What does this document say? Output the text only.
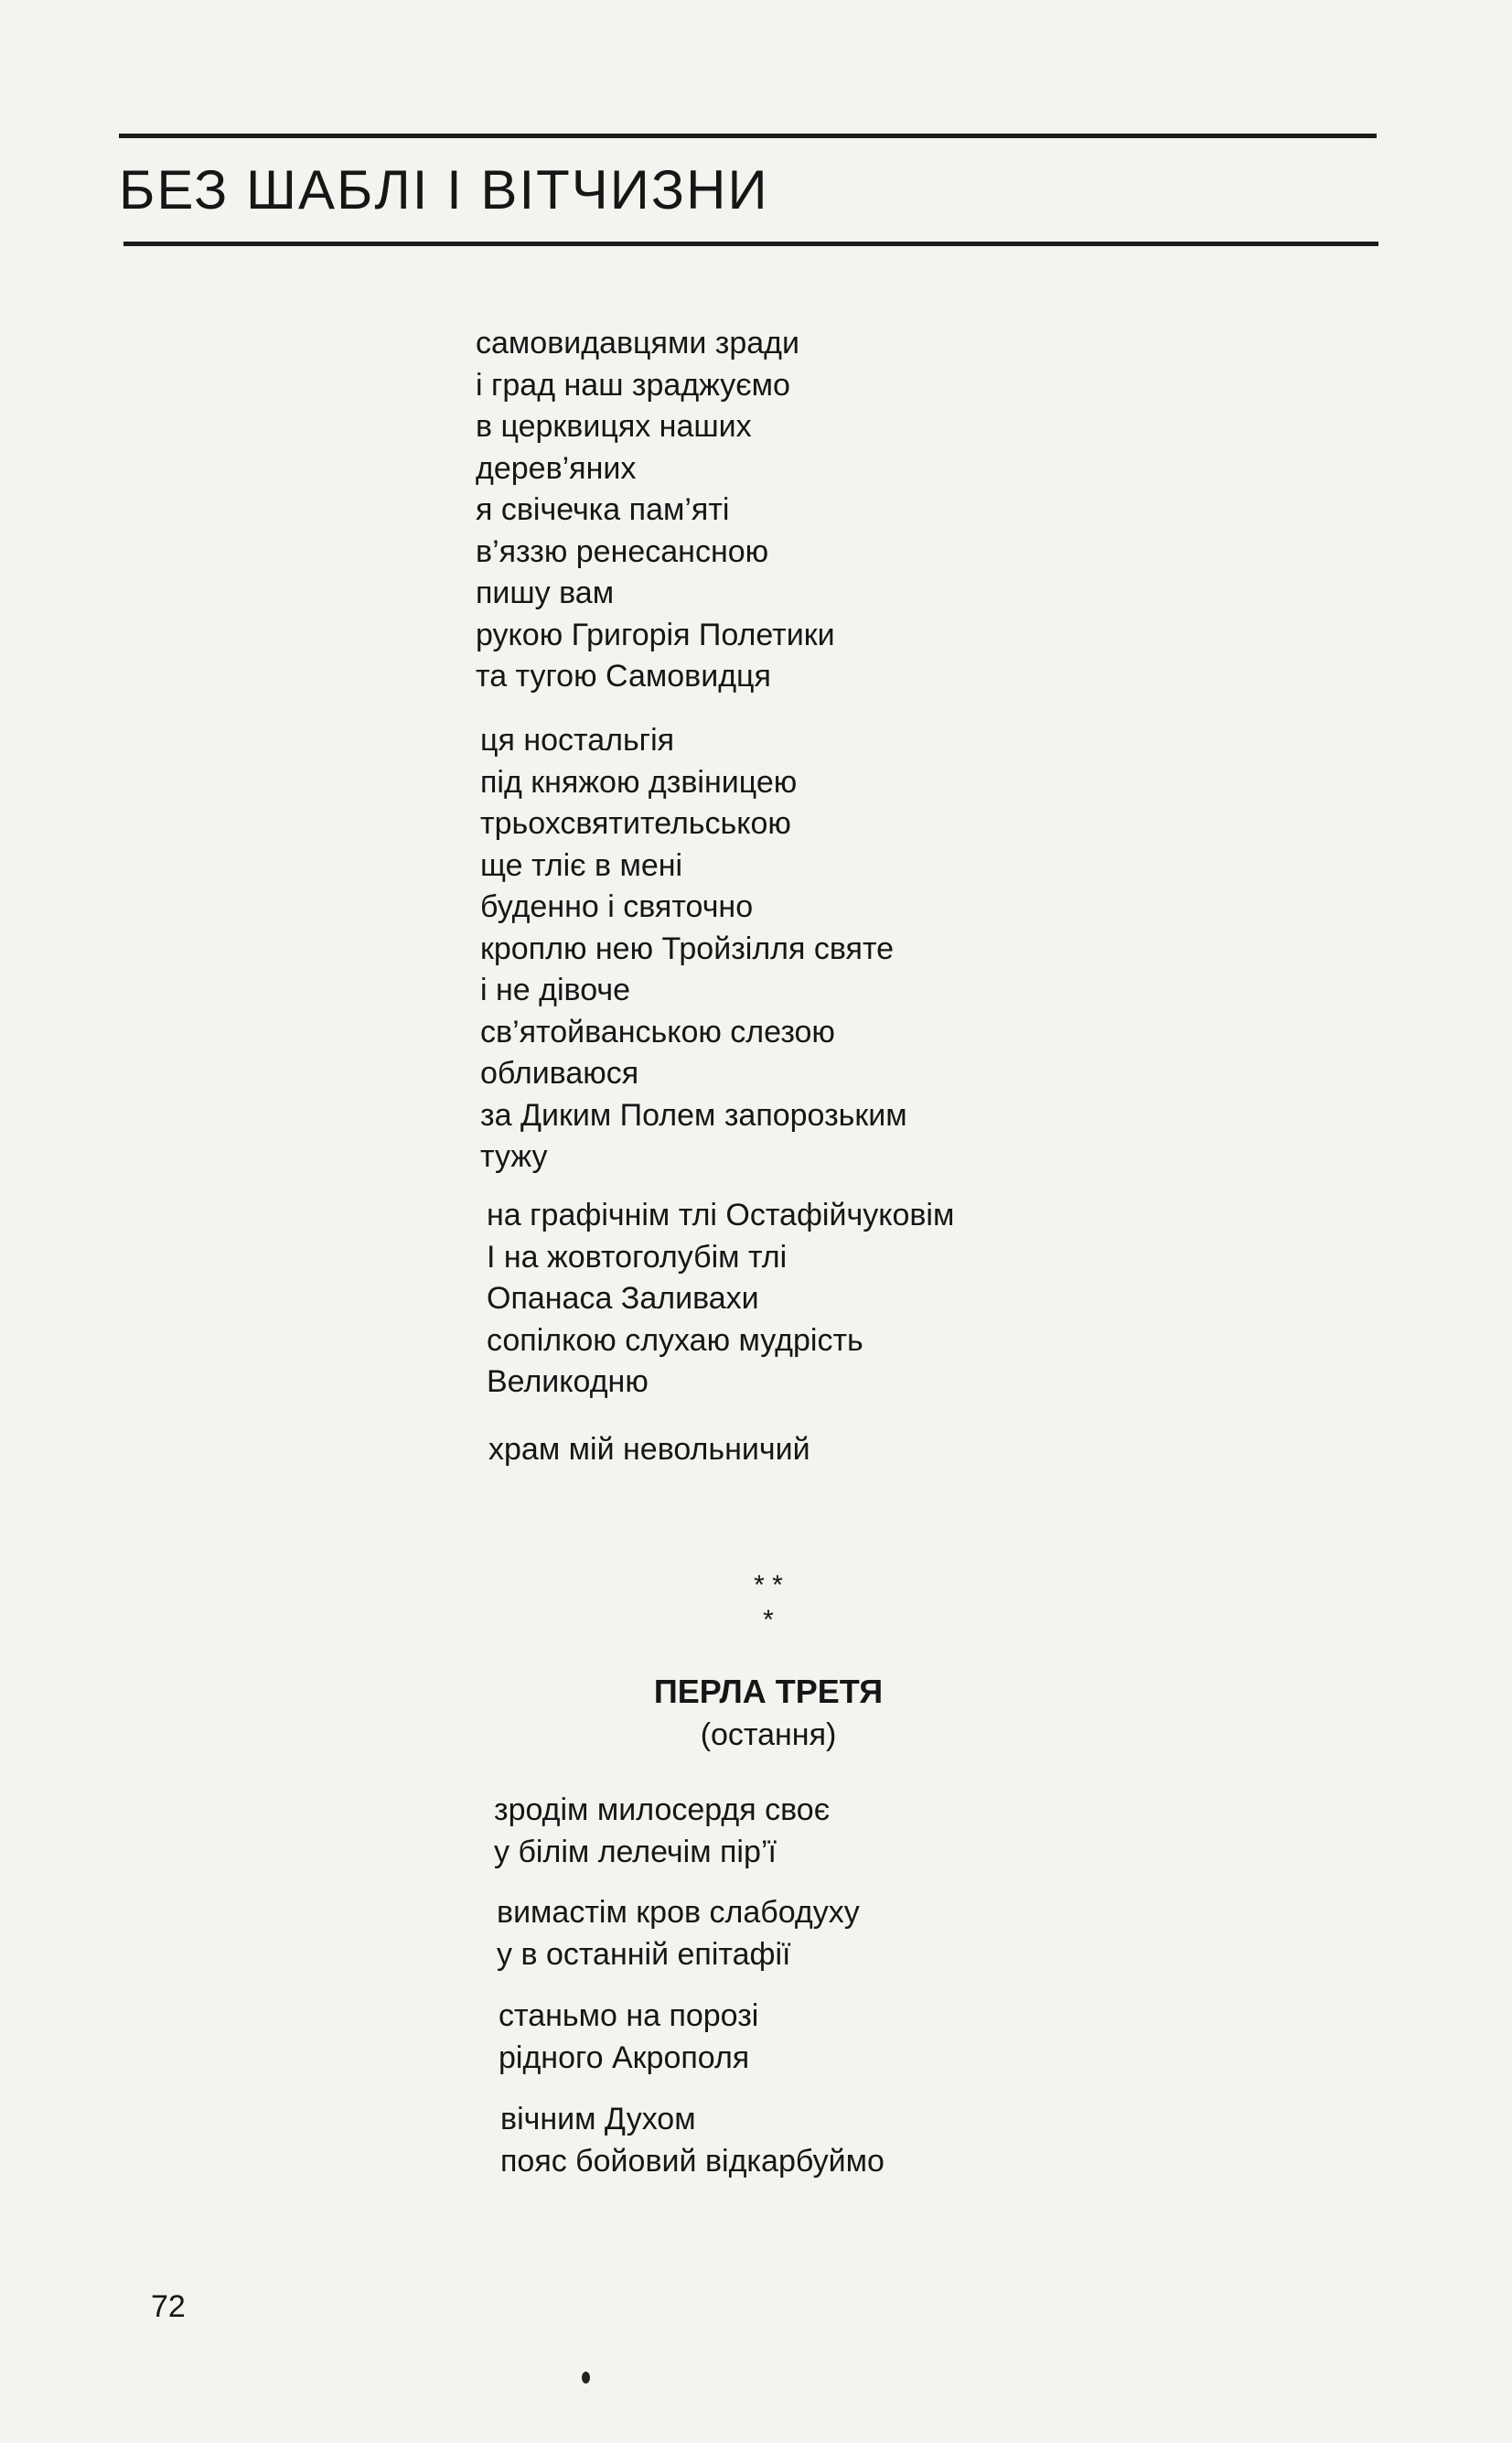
БЕЗ ШАБЛІ І ВІТЧИЗНИ
самовидавцями зради
і град наш зраджуємо
в церквицях наших
дерев’яних
я свічечка пам’яті
в’яззю ренесансною
пишу вам
рукою Григорія Полетики
та тугою Самовидця
ця ностальгія
під княжою дзвіницею
трьохсвятительською
ще тліє в мені
буденно і святочно
кроплю нею Тройзілля святе
і не дівоче
св’ятойванською слезою
обливаюся
за Диким Полем запорозьким
тужу
на графічнім тлі Остафійчуковім
І на жовтоголубім тлі
Опанаса Заливахи
сопілкою слухаю мудрість
Великодню
храм мій невольничий
* *
*
ПЕРЛА ТРЕТЯ
(остання)
зродім милосердя своє
у білім лелечім пір’ї
вимастім кров слабодуху
у в останній епітафії
станьмо на порозі
рідного Акрополя
вічним Духом
пояс бойовий відкарбуймо
72
